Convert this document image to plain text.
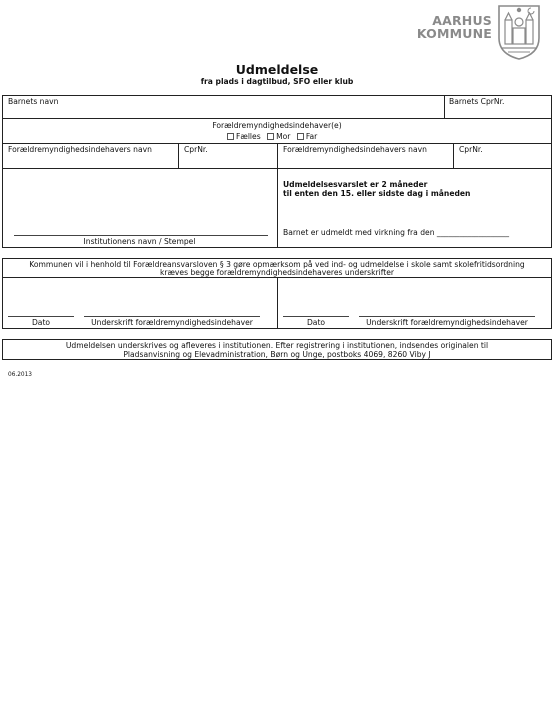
AARHUS
KOMMUNE
Udmeldelse
fra plads i dagtilbud, SFO eller klub
Barnets navn	Barnets CprNr.
Forældremyndighedsindehaver(e)
Fælles Mor Far
Forældremyndighedsindehavers navn	CprNr.	Forældremyndighedsindehavers navn	CprNr.
Institutionens navn / Stempel
Udmeldelsesvarslet er 2 måneder
til enten den 15. eller sidste dag i måneden
Barnet er udmeldt med virkning fra den ___________________
Kommunen vil i henhold til Forældreansvarsloven § 3 gøre opmærksom på ved ind- og udmeldelse i skole samt skolefritidsordning
kræves begge forældremyndighedsindehaveres underskrifter
Dato	Underskrift forældremyndighedsindehaver	Dato	Underskrift forældremyndighedsindehaver
Udmeldelsen underskrives og afleveres i institutionen. Efter registrering i institutionen, indsendes originalen til
Pladsanvisning og Elevadministration, Børn og Unge, postboks 4069, 8260 Viby J
06.2013
